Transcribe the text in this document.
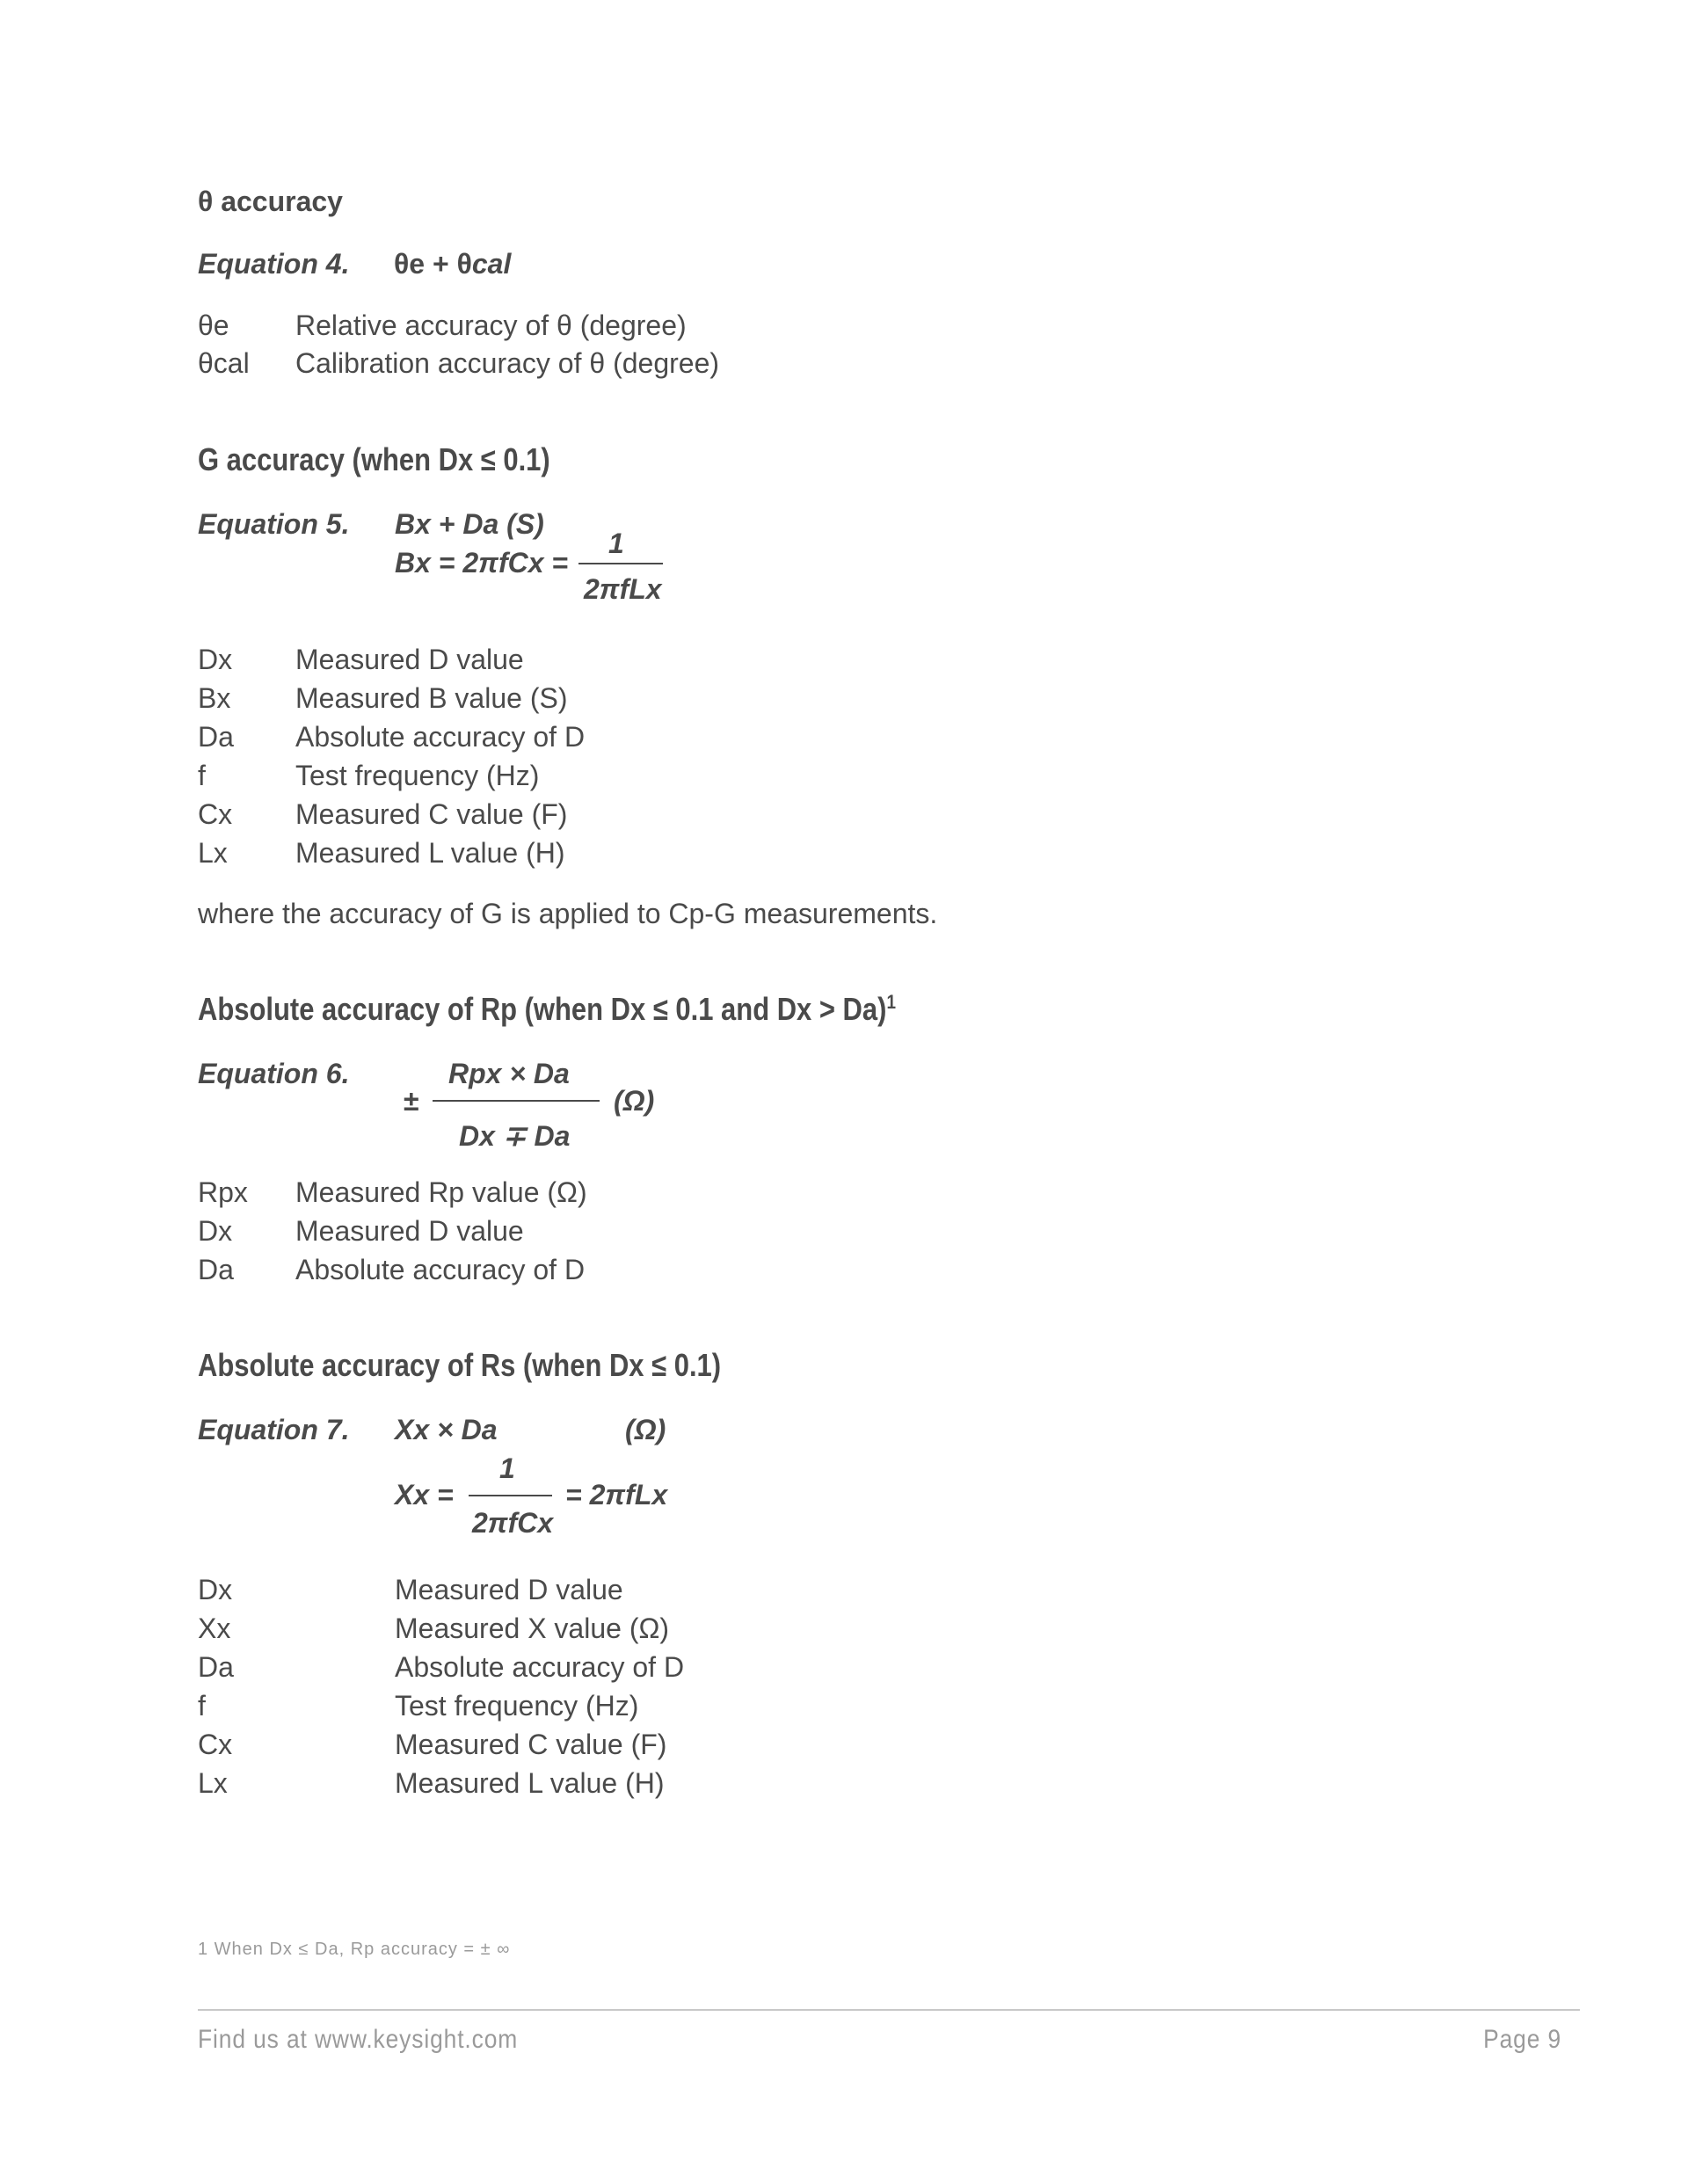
θ accuracy
Equation 4. θe + θcal
θe Relative accuracy of θ (degree)
θcal Calibration accuracy of θ (degree)
G accuracy (when Dx ≤ 0.1)
Equation 5. Bx + Da (S)
Bx = 2πfCx =
1
2πfLx
Dx Measured D value
Bx Measured B value (S)
Da Absolute accuracy of D
f	Test frequency (Hz)
Cx Measured C value (F)
Lx Measured L value (H)
where the accuracy of G is applied to Cp-G measurements.
Absolute accuracy of Rp (when Dx ≤ 0.1 and Dx > Da)$^1$
Equation 6.	Rpx × Da
±	(Ω)
Dx ∓ Da
Rpx Measured Rp value (Ω)
Dx Measured D value
Da Absolute accuracy of D
Absolute accuracy of Rs (when Dx ≤ 0.1)
Equation 7. Xx × Da	(Ω)
1
Xx =	= 2πfLx
2πfCx
Dx	Measured D value
Xx	Measured X value (Ω)
Da	Absolute accuracy of D
f	Test frequency (Hz)
Cx	Measured C value (F)
Lx	Measured L value (H)
1 When Dx ≤ Da, Rp accuracy = ± ∞
Find us at www.keysight.com	Page 9
